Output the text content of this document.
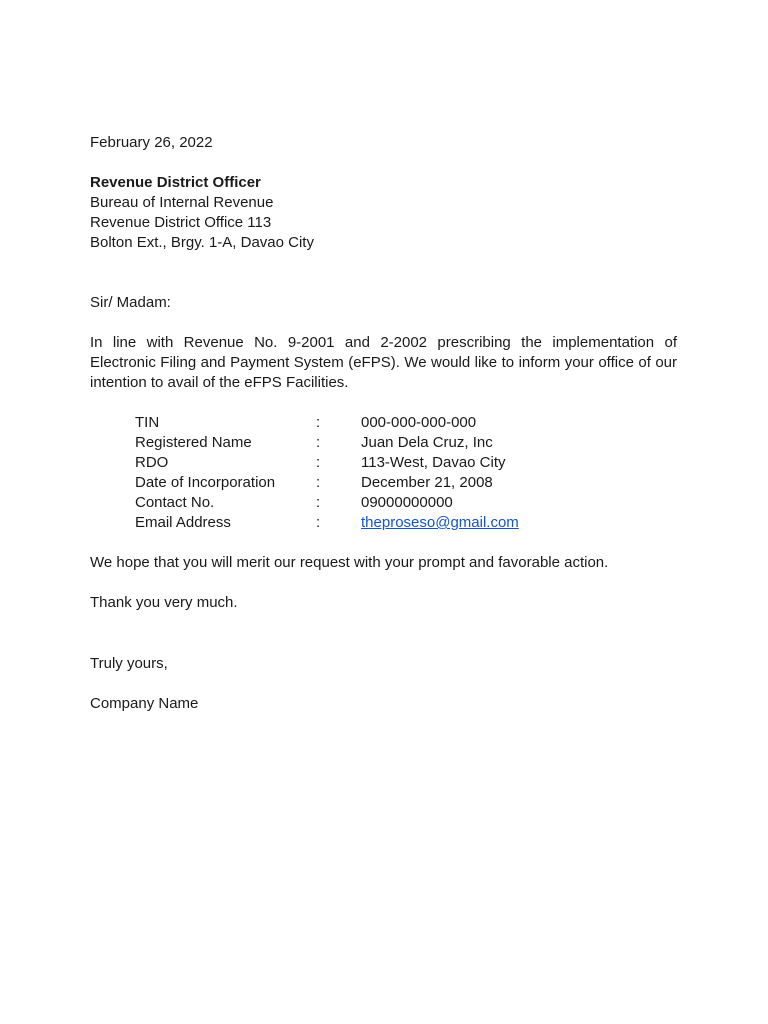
February 26, 2022

Revenue District Officer
Bureau of Internal Revenue
Revenue District Office 113
Bolton Ext., Brgy. 1-A, Davao City
Sir/ Madam:
In line with Revenue No. 9-2001 and 2-2002 prescribing the implementation of Electronic Filing and Payment System (eFPS). We would like to inform your office of our intention to avail of the eFPS Facilities.
TIN	:	000-000-000-000
Registered Name	:	Juan Dela Cruz, Inc
RDO	:	113-West, Davao City
Date of Incorporation	:	December 21, 2008
Contact No.	:	09000000000
Email Address	:	theproseso@gmail.com
We hope that you will merit our request with your prompt and favorable action.
Thank you very much.
Truly yours,
Company Name
